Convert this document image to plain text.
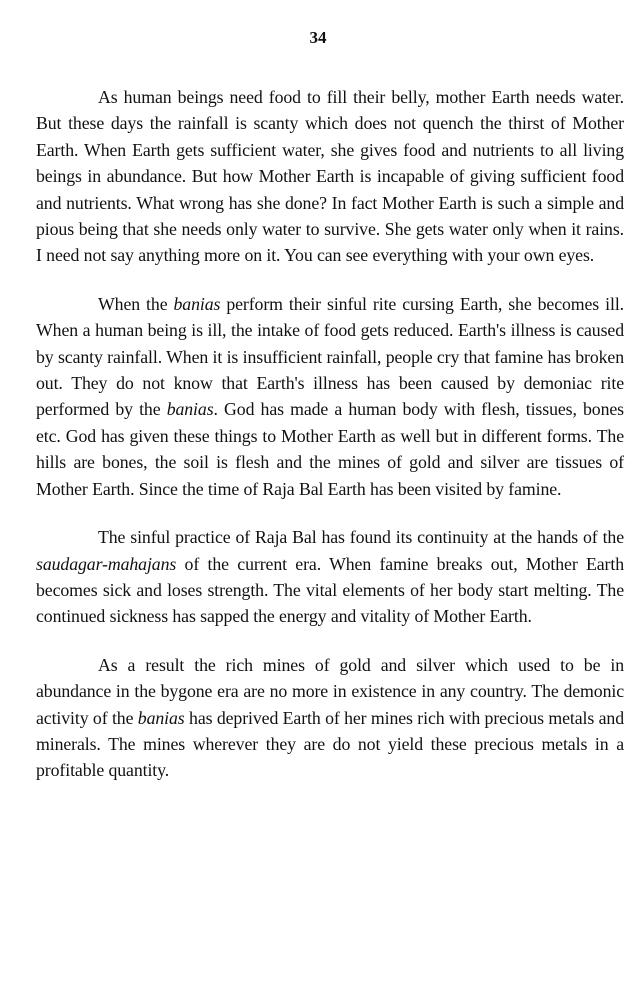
34

As human beings need food to fill their belly, mother Earth needs water. But these days the rainfall is scanty which does not quench the thirst of Mother Earth. When Earth gets sufficient water, she gives food and nutrients to all living beings in abundance. But how Mother Earth is incapable of giving sufficient food and nutrients. What wrong has she done? In fact Mother Earth is such a simple and pious being that she needs only water to survive. She gets water only when it rains. I need not say anything more on it. You can see everything with your own eyes.

When the banias perform their sinful rite cursing Earth, she becomes ill. When a human being is ill, the intake of food gets reduced. Earth's illness is caused by scanty rainfall. When it is insufficient rainfall, people cry that famine has broken out. They do not know that Earth's illness has been caused by demoniac rite performed by the banias. God has made a human body with flesh, tissues, bones etc. God has given these things to Mother Earth as well but in different forms. The hills are bones, the soil is flesh and the mines of gold and silver are tissues of Mother Earth. Since the time of Raja Bal Earth has been visited by famine.

The sinful practice of Raja Bal has found its continuity at the hands of the saudagar-mahajans of the current era. When famine breaks out, Mother Earth becomes sick and loses strength. The vital elements of her body start melting. The continued sickness has sapped the energy and vitality of Mother Earth.

As a result the rich mines of gold and silver which used to be in abundance in the bygone era are no more in existence in any country. The demonic activity of the banias has deprived Earth of her mines rich with precious metals and minerals. The mines wherever they are do not yield these precious metals in a profitable quantity.
